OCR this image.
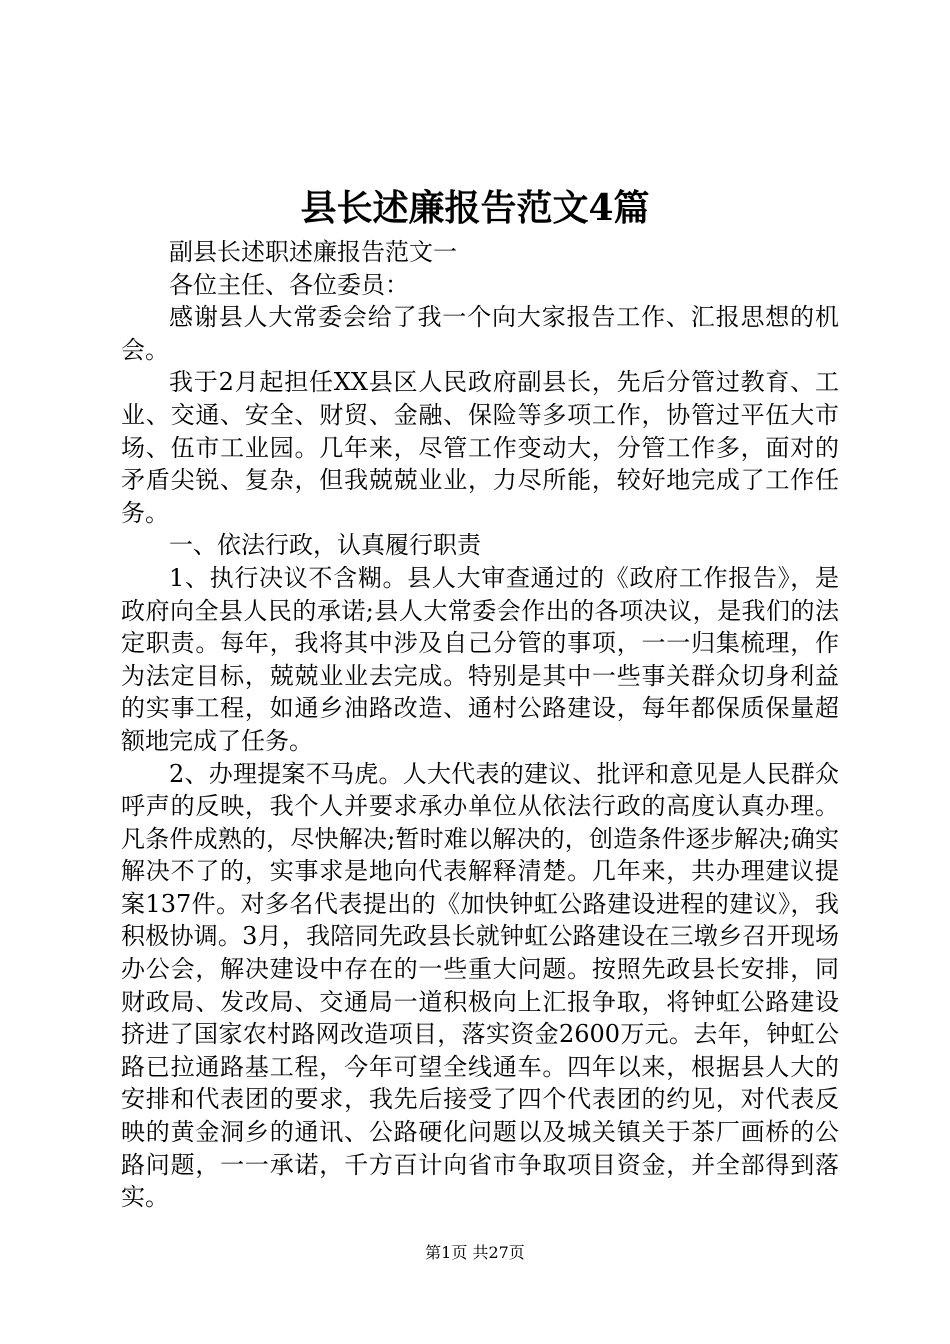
县长述廉报告范文4篇

副县长述职述廉报告范文一

各位主任、各位委员：

感谢县人大常委会给了我一个向大家报告工作、汇报思想的机会。

我于2月起担任XX县区人民政府副县长，先后分管过教育、工业、交通、安全、财贸、金融、保险等多项工作，协管过平伍大市场、伍市工业园。几年来，尽管工作变动大，分管工作多，面对的矛盾尖锐、复杂，但我兢兢业业，力尽所能，较好地完成了工作任务。

一、依法行政，认真履行职责

1、执行决议不含糊。县人大审查通过的《政府工作报告》，是政府向全县人民的承诺;县人大常委会作出的各项决议，是我们的法定职责。每年，我将其中涉及自己分管的事项，一一归集梳理，作为法定目标，兢兢业业去完成。特别是其中一些事关群众切身利益的实事工程，如通乡油路改造、通村公路建设，每年都保质保量超额地完成了任务。

2、办理提案不马虎。人大代表的建议、批评和意见是人民群众呼声的反映，我个人并要求承办单位从依法行政的高度认真办理。凡条件成熟的，尽快解决;暂时难以解决的，创造条件逐步解决;确实解决不了的，实事求是地向代表解释清楚。几年来，共办理建议提案137件。对多名代表提出的《加快钟虹公路建设进程的建议》，我积极协调。3月，我陪同先政县长就钟虹公路建设在三墩乡召开现场办公会，解决建设中存在的一些重大问题。按照先政县长安排，同财政局、发改局、交通局一道积极向上汇报争取，将钟虹公路建设挤进了国家农村路网改造项目，落实资金2600万元。去年，钟虹公路已拉通路基工程，今年可望全线通车。四年以来，根据县人大的安排和代表团的要求，我先后接受了四个代表团的约见，对代表反映的黄金洞乡的通讯、公路硬化问题以及城关镇关于茶厂画桥的公路问题，一一承诺，千方百计向省市争取项目资金，并全部得到落实。

第1页 共27页
